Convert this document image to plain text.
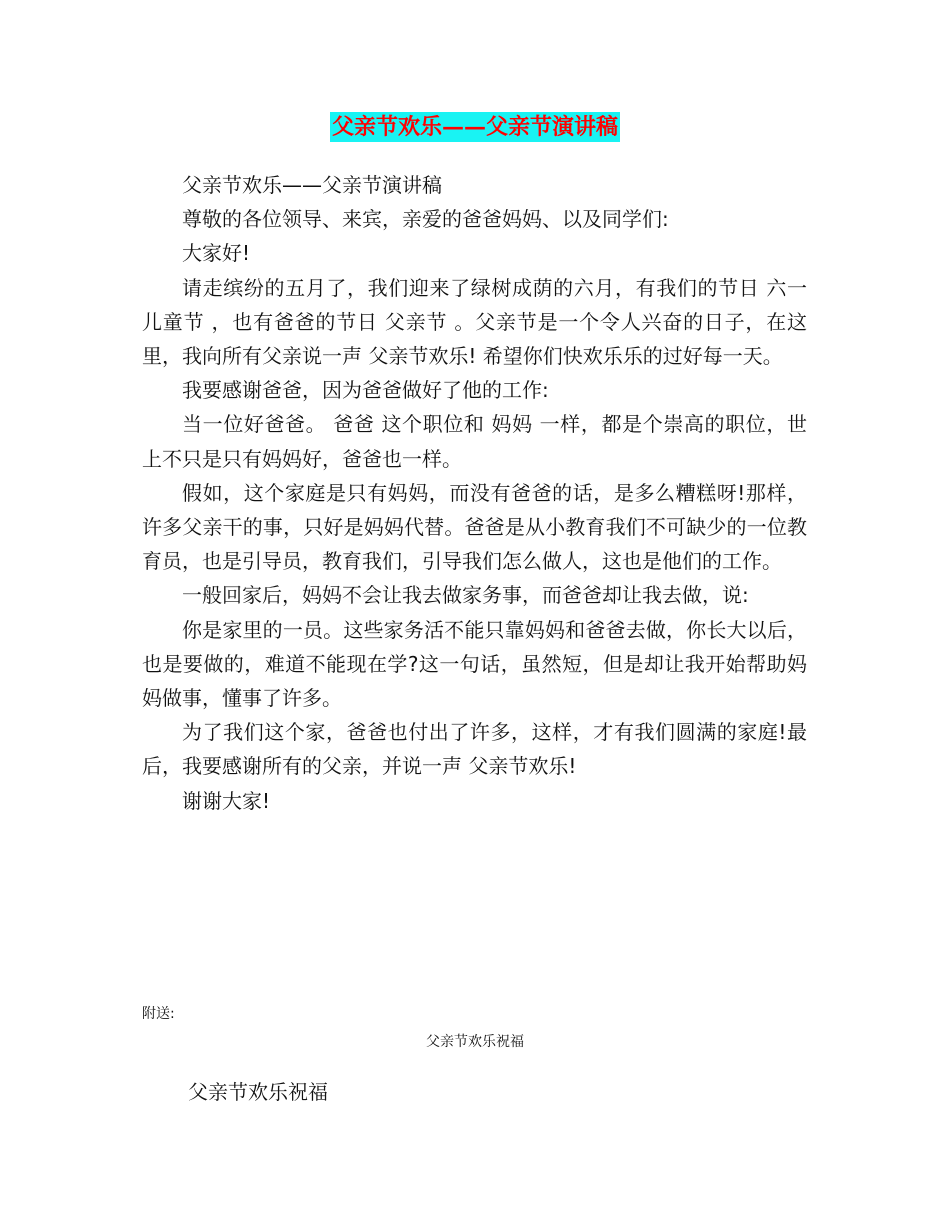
父亲节欢乐——父亲节演讲稿

父亲节欢乐——父亲节演讲稿

尊敬的各位领导、来宾，亲爱的爸爸妈妈、以及同学们:

大家好!

请走缤纷的五月了，我们迎来了绿树成荫的六月，有我们的节日 六一儿童节 ，也有爸爸的节日 父亲节 。父亲节是一个令人兴奋的日子，在这里，我向所有父亲说一声 父亲节欢乐! 希望你们快欢乐乐的过好每一天。

我要感谢爸爸，因为爸爸做好了他的工作:

当一位好爸爸。 爸爸 这个职位和 妈妈 一样，都是个崇高的职位，世上不只是只有妈妈好，爸爸也一样。

假如，这个家庭是只有妈妈，而没有爸爸的话，是多么糟糕呀!那样，许多父亲干的事，只好是妈妈代替。爸爸是从小教育我们不可缺少的一位教育员，也是引导员，教育我们，引导我们怎么做人，这也是他们的工作。

一般回家后，妈妈不会让我去做家务事，而爸爸却让我去做，说:

你是家里的一员。这些家务活不能只靠妈妈和爸爸去做，你长大以后，也是要做的，难道不能现在学?这一句话，虽然短，但是却让我开始帮助妈妈做事，懂事了许多。

为了我们这个家，爸爸也付出了许多，这样，才有我们圆满的家庭!最后，我要感谢所有的父亲，并说一声 父亲节欢乐!

谢谢大家!

附送:
父亲节欢乐祝福
父亲节欢乐祝福
